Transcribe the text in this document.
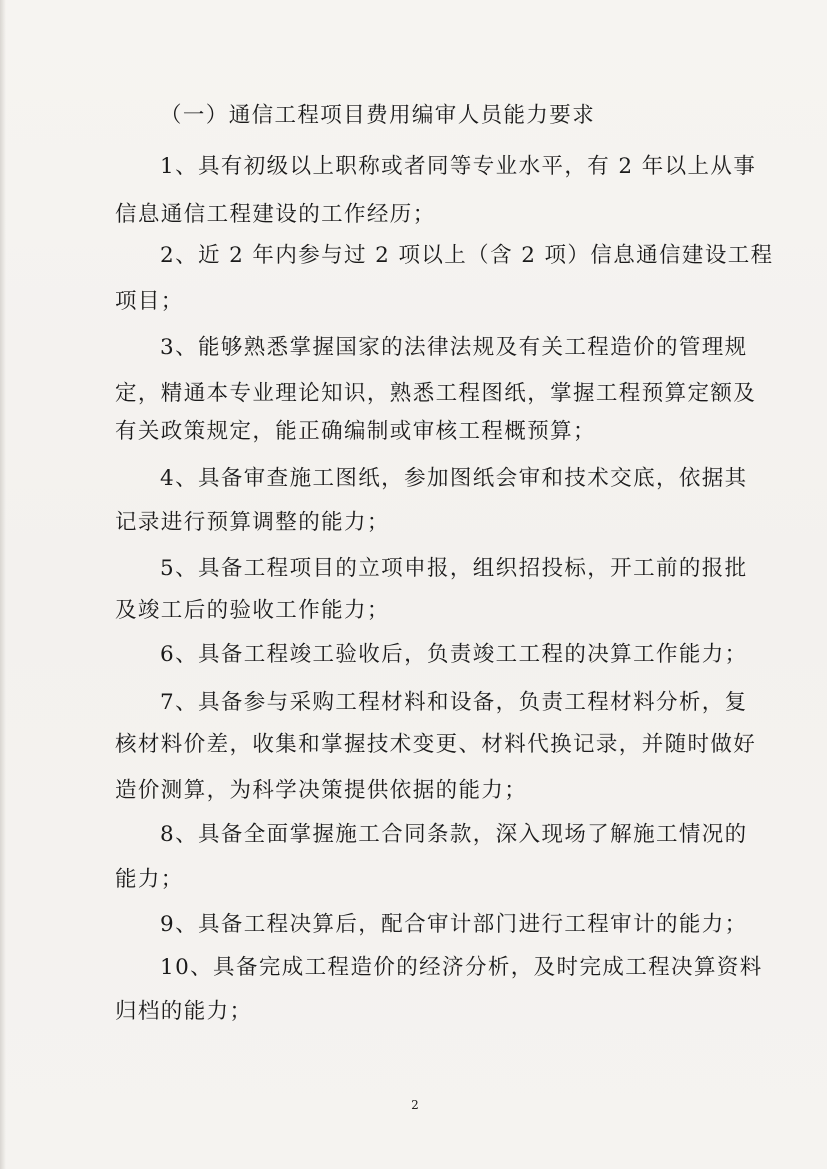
（一）通信工程项目费用编审人员能力要求
1、具有初级以上职称或者同等专业水平，有 2 年以上从事
信息通信工程建设的工作经历；
2、近 2 年内参与过 2 项以上（含 2 项）信息通信建设工程
项目；
3、能够熟悉掌握国家的法律法规及有关工程造价的管理规
定，精通本专业理论知识，熟悉工程图纸，掌握工程预算定额及
有关政策规定，能正确编制或审核工程概预算；
4、具备审查施工图纸，参加图纸会审和技术交底，依据其
记录进行预算调整的能力；
5、具备工程项目的立项申报，组织招投标，开工前的报批
及竣工后的验收工作能力；
6、具备工程竣工验收后，负责竣工工程的决算工作能力；
7、具备参与采购工程材料和设备，负责工程材料分析，复
核材料价差，收集和掌握技术变更、材料代换记录，并随时做好
造价测算，为科学决策提供依据的能力；
8、具备全面掌握施工合同条款，深入现场了解施工情况的
能力；
9、具备工程决算后，配合审计部门进行工程审计的能力；
10、具备完成工程造价的经济分析，及时完成工程决算资料
归档的能力；
2
